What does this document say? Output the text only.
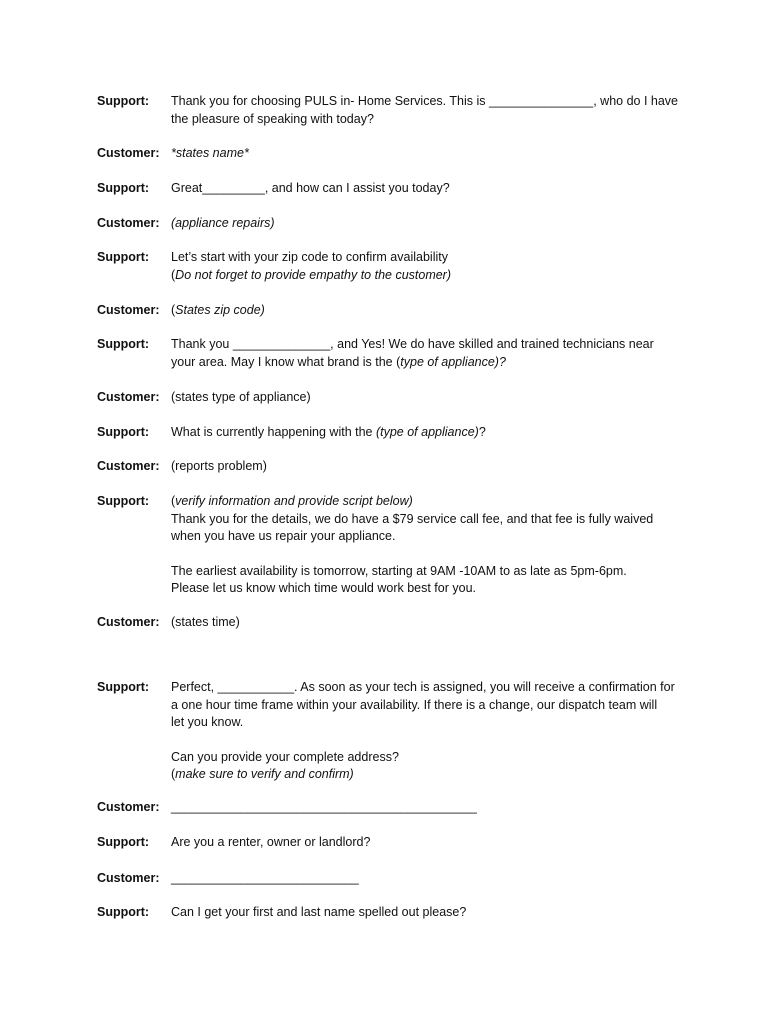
Support:	Thank you for choosing PULS in- Home Services. This is _______________, who do I have
the pleasure of speaking with today?
Customer: *states name*
Support:	Great_________, and how can I assist you today?
Customer: (appliance repairs)
Support:	Let’s start with your zip code to confirm availability
(Do not forget to provide empathy to the customer)
Customer: (States zip code)
Support:	Thank you ______________, and Yes! We do have skilled and trained technicians near
your area. May I know what brand is the (type of appliance)?
Customer: (states type of appliance)
Support:	What is currently happening with the (type of appliance)?
Customer: (reports problem)
Support:	(verify information and provide script below)
Thank you for the details, we do have a $79 service call fee, and that fee is fully waived
when you have us repair your appliance.
The earliest availability is tomorrow, starting at 9AM -10AM to as late as 5pm-6pm.
Please let us know which time would work best for you.
Customer: (states time)
Support:	Perfect, ___________. As soon as your tech is assigned, you will receive a confirmation for
a one hour time frame within your availability. If there is a change, our dispatch team will
let you know.
Can you provide your complete address?
(make sure to verify and confirm)
Customer: ____________________________________________
Support:	Are you a renter, owner or landlord?
Customer: ___________________________
Support:	Can I get your first and last name spelled out please?
